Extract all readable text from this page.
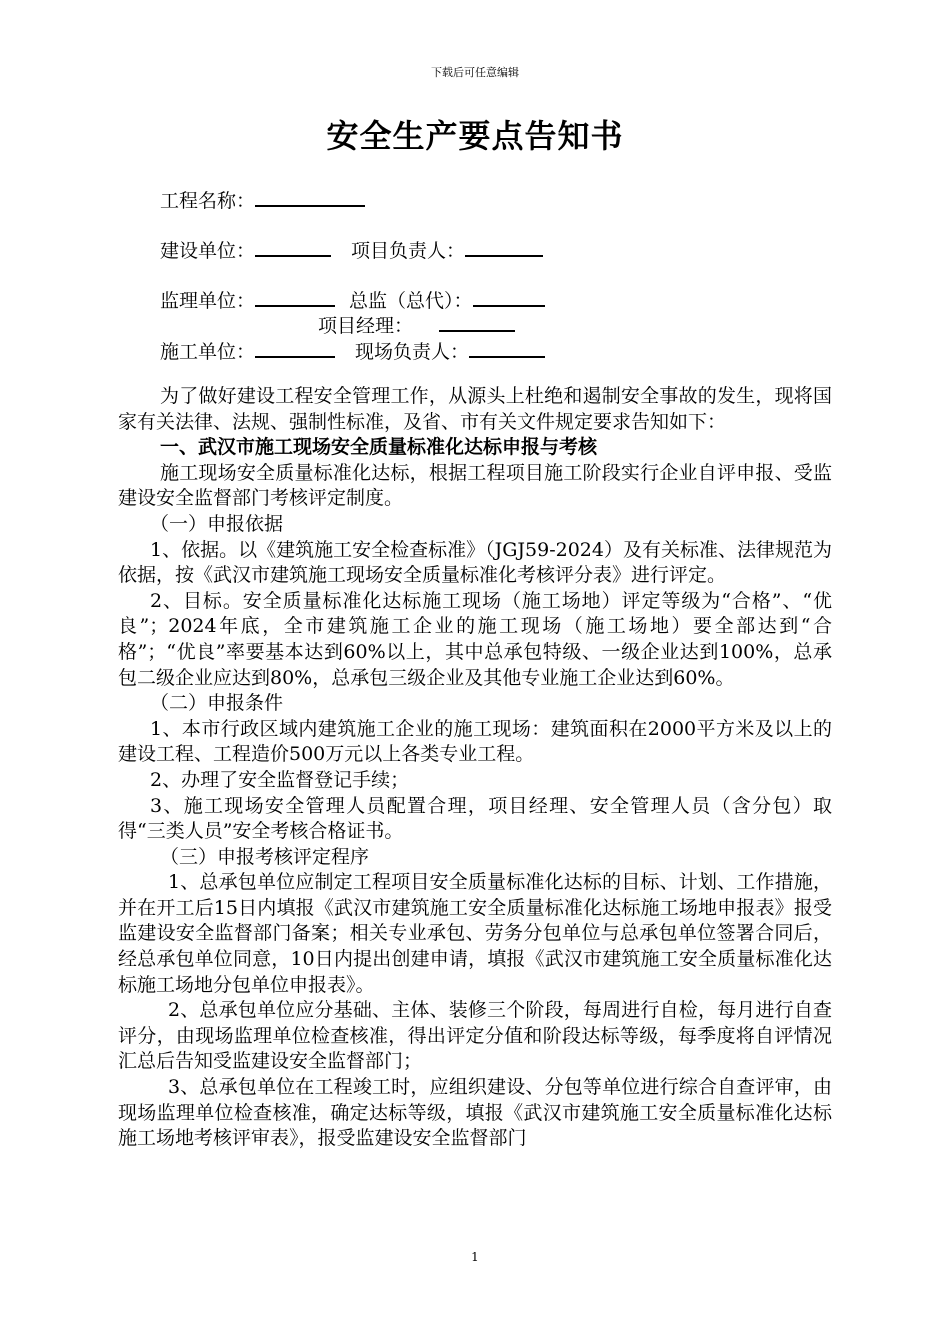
下载后可任意编辑
安全生产要点告知书
工程名称：
建设单位：	项目负责人：
监理单位：	总监（总代）：
项目经理：
施工单位：	现场负责人：

为了做好建设工程安全管理工作，从源头上杜绝和遏制安全事故的发生，现将国家有关法律、法规、强制性标准，及省、市有关文件规定要求告知如下：

一、武汉市施工现场安全质量标准化达标申报与考核

施工现场安全质量标准化达标，根据工程项目施工阶段实行企业自评申报、受监建设安全监督部门考核评定制度。

（一）申报依据

1、依据。以《建筑施工安全检查标准》（JGJ59-2024）及有关标准、法律规范为依据，按《武汉市建筑施工现场安全质量标准化考核评分表》进行评定。

2、目标。安全质量标准化达标施工现场（施工场地）评定等级为“合格”、“优良”；2024年底，全市建筑施工企业的施工现场（施工场地）要全部达到“合格”；“优良”率要基本达到60%以上，其中总承包特级、一级企业达到100%，总承包二级企业应达到80%，总承包三级企业及其他专业施工企业达到60%。

（二）申报条件

1、本市行政区域内建筑施工企业的施工现场：建筑面积在2000平方米及以上的建设工程、工程造价500万元以上各类专业工程。

2、办理了安全监督登记手续；

3、施工现场安全管理人员配置合理，项目经理、安全管理人员（含分包）取得“三类人员”安全考核合格证书。

（三）申报考核评定程序

1、总承包单位应制定工程项目安全质量标准化达标的目标、计划、工作措施，并在开工后15日内填报《武汉市建筑施工安全质量标准化达标施工场地申报表》报受监建设安全监督部门备案；相关专业承包、劳务分包单位与总承包单位签署合同后，经总承包单位同意，10日内提出创建申请，填报《武汉市建筑施工安全质量标准化达标施工场地分包单位申报表》。

2、总承包单位应分基础、主体、装修三个阶段，每周进行自检，每月进行自查评分，由现场监理单位检查核准，得出评定分值和阶段达标等级，每季度将自评情况汇总后告知受监建设安全监督部门；

3、总承包单位在工程竣工时，应组织建设、分包等单位进行综合自查评审，由现场监理单位检查核准，确定达标等级，填报《武汉市建筑施工安全质量标准化达标施工场地考核评审表》，报受监建设安全监督部门

1
